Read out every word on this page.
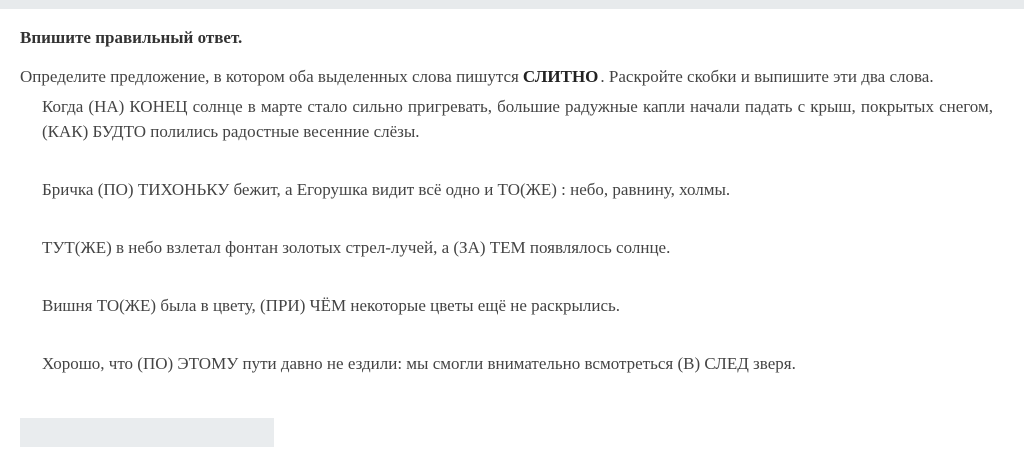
Впишите правильный ответ.
Определите предложение, в котором оба выделенных слова пишутся СЛИТНО . Раскройте скобки и выпишите эти два слова.
Когда (НА) КОНЕЦ солнце в марте стало сильно пригревать, большие радужные капли начали падать с крыш, покрытых снегом, (КАК) БУДТО полились радостные весенние слёзы.
Бричка (ПО) ТИХОНЬКУ бежит, а Егорушка видит всё одно и ТО(ЖЕ) : небо, равнину, холмы.
ТУТ(ЖЕ) в небо взлетал фонтан золотых стрел-лучей, а (ЗА) ТЕМ появлялось солнце.
Вишня ТО(ЖЕ) была в цвету, (ПРИ) ЧЁМ некоторые цветы ещё не раскрылись.
Хорошо, что (ПО) ЭТОМУ пути давно не ездили: мы смогли внимательно всмотреться (В) СЛЕД зверя.
